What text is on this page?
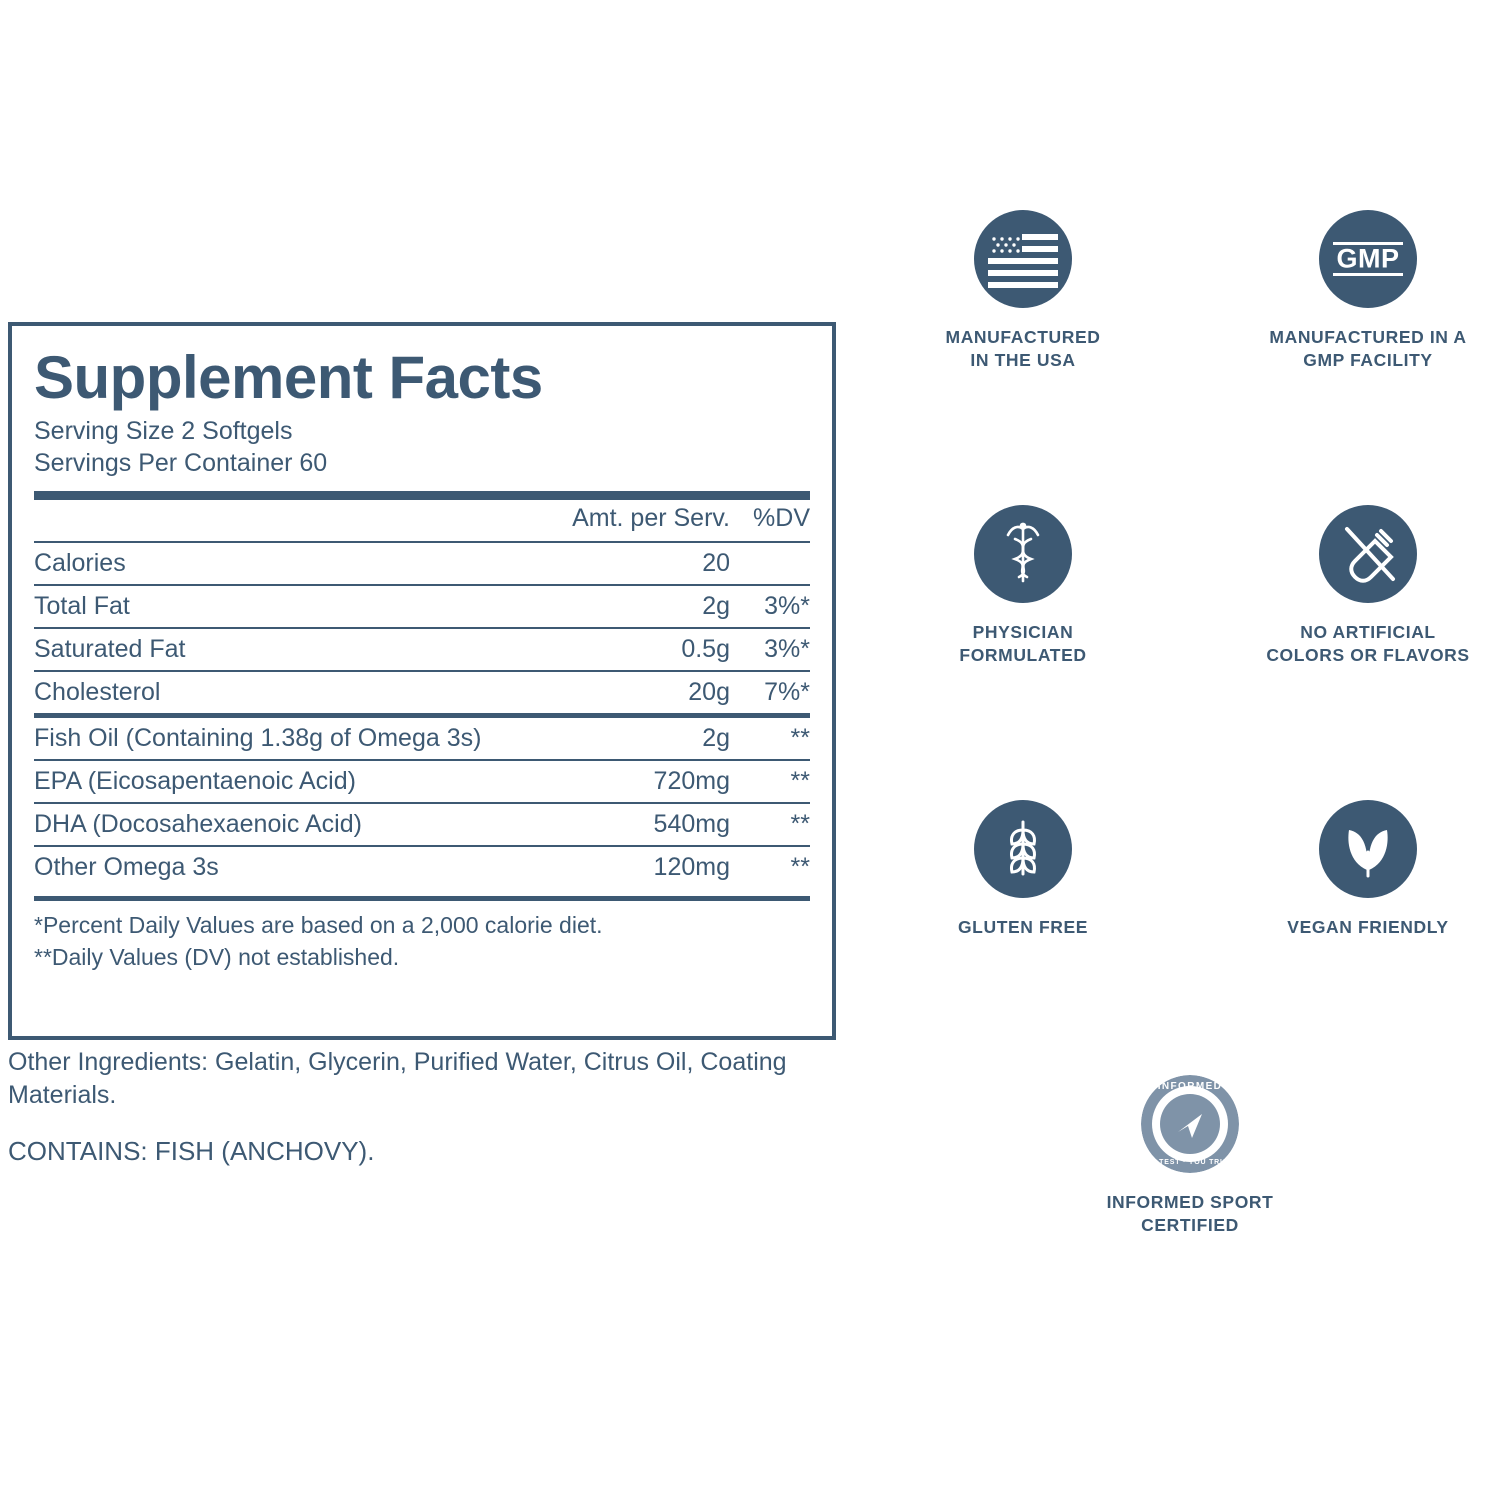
Supplement Facts
Serving Size 2 Softgels
Servings Per Container 60
	Amt. per Serv.	%DV
Calories	20	
Total Fat	2g	3%*
Saturated Fat	0.5g	3%*
Cholesterol	20g	7%*
Fish Oil (Containing 1.38g of Omega 3s)	2g	**
EPA (Eicosapentaenoic Acid)	720mg	**
DHA (Docosahexaenoic Acid)	540mg	**
Other Omega 3s	120mg	**
*Percent Daily Values are based on a 2,000 calorie diet.
**Daily Values (DV) not established.
Other Ingredients: Gelatin, Glycerin, Purified Water, Citrus Oil, Coating Materials.
CONTAINS: FISH (ANCHOVY).
MANUFACTURED
IN THE USA
GMP
MANUFACTURED IN A
GMP FACILITY
PHYSICIAN
FORMULATED
NO ARTIFICIAL
COLORS OR FLAVORS
GLUTEN FREE	VEGAN FRIENDLY
INFORMED
WE TEST · YOU TRUST
INFORMED SPORT
CERTIFIED
